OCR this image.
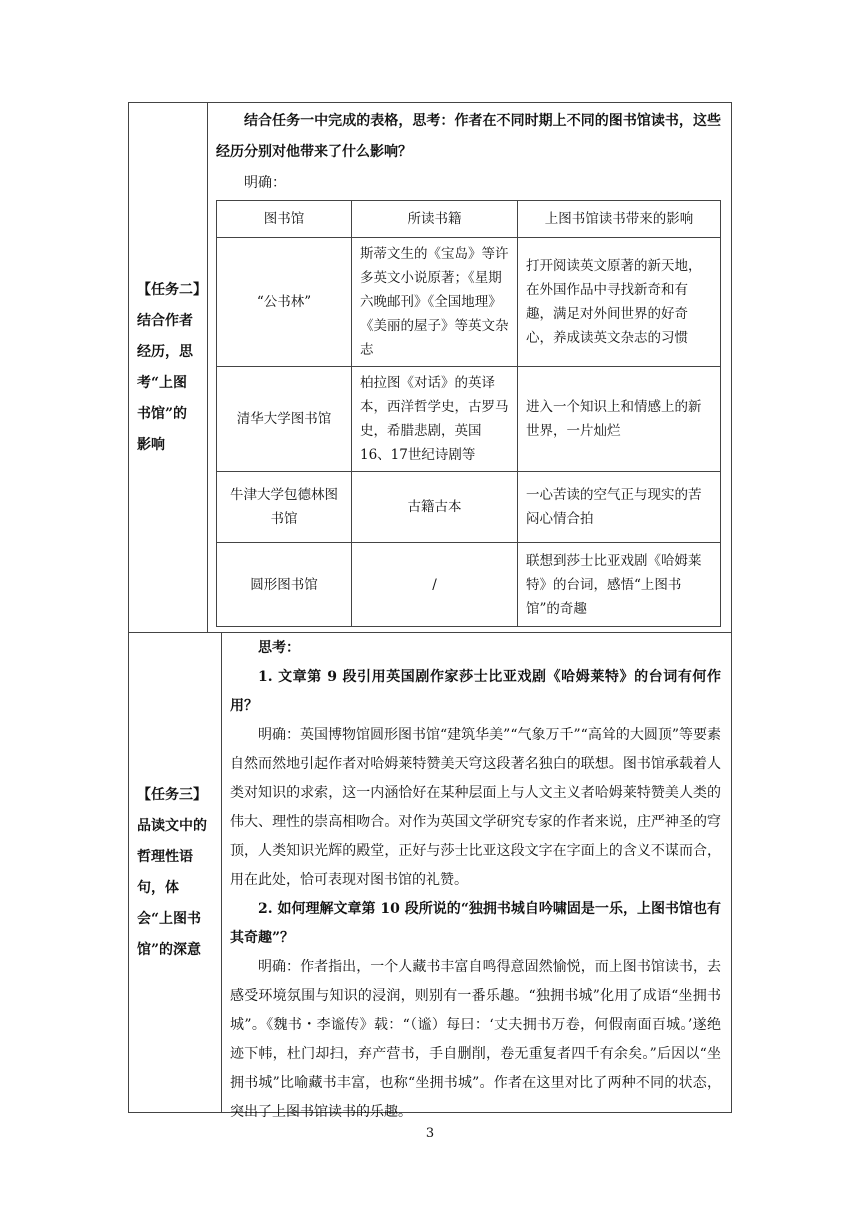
【任务二】结合作者经历，思考“上图书馆”的影响

结合任务一中完成的表格，思考：作者在不同时期上不同的图书馆读书，这些经历分别对他带来了什么影响？

明确：

图书馆	所读书籍	上图书馆读书带来的影响
“公书林”	斯蒂文生的《宝岛》等许多英文小说原著；《星期六晚邮刊》《全国地理》《美丽的屋子》等英文杂志	打开阅读英文原著的新天地，在外国作品中寻找新奇和有趣，满足对外间世界的好奇心，养成读英文杂志的习惯
清华大学图书馆	柏拉图《对话》的英译本，西洋哲学史，古罗马史，希腊悲剧，英国16、17世纪诗剧等	进入一个知识上和情感上的新世界，一片灿烂
牛津大学包德林图书馆	古籍古本	一心苦读的空气正与现实的苦闷心情合拍
圆形图书馆	/	联想到莎士比亚戏剧《哈姆莱特》的台词，感悟“上图书馆”的奇趣
【任务三】品读文中的哲理性语句，体会“上图书馆”的深意

思考：

1. 文章第 9 段引用英国剧作家莎士比亚戏剧《哈姆莱特》的台词有何作用？

明确：英国博物馆圆形图书馆“建筑华美”“气象万千”“高耸的大圆顶”等要素自然而然地引起作者对哈姆莱特赞美天穹这段著名独白的联想。图书馆承载着人类对知识的求索，这一内涵恰好在某种层面上与人文主义者哈姆莱特赞美人类的伟大、理性的崇高相吻合。对作为英国文学研究专家的作者来说，庄严神圣的穹顶，人类知识光辉的殿堂，正好与莎士比亚这段文字在字面上的含义不谋而合，用在此处，恰可表现对图书馆的礼赞。

2. 如何理解文章第 10 段所说的“独拥书城自吟啸固是一乐，上图书馆也有其奇趣”？

明确：作者指出，一个人藏书丰富自鸣得意固然愉悦，而上图书馆读书，去感受环境氛围与知识的浸润，则别有一番乐趣。“独拥书城”化用了成语“坐拥书城”。《魏书・李谧传》载：“（谧）每曰：‘丈夫拥书万卷，何假南面百城。’遂绝迹下帏，杜门却扫，弃产营书，手自删削，卷无重复者四千有余矣。”后因以“坐拥书城”比喻藏书丰富，也称“坐拥书城”。作者在这里对比了两种不同的状态，突出了上图书馆读书的乐趣。

3
